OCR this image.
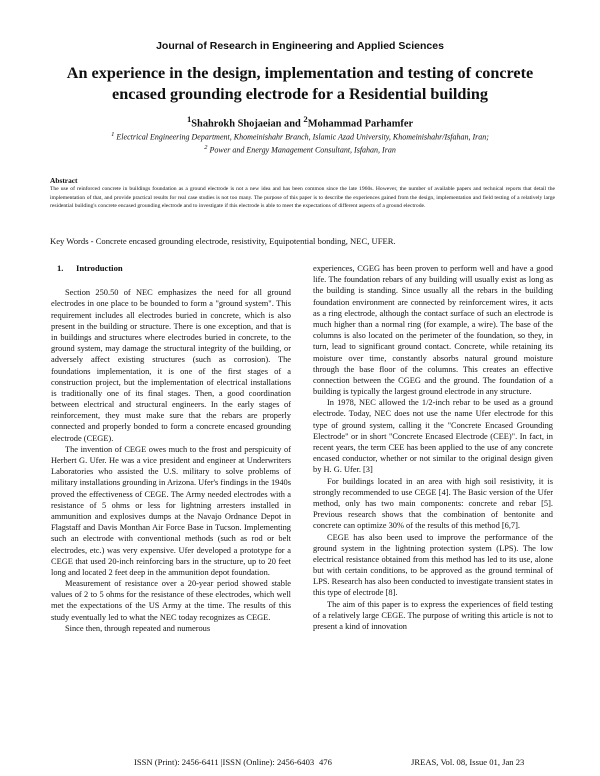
Journal of Research in Engineering and Applied Sciences
An experience in the design, implementation and testing of concrete encased grounding electrode for a Residential building
$^1$Shahrokh Shojaeian and $^2$Mohammad Parhamfer
$^1$ Electrical Engineering Department, Khomeinishahr Branch, Islamic Azad University, Khomeinishahr/Isfahan, Iran;
$^2$ Power and Energy Management Consultant, Isfahan, Iran
Abstract
The use of reinforced concrete in buildings foundation as a ground electrode is not a new idea and has been common since the late 1960s. However, the number of available papers and technical reports that detail the implementation of that, and provide practical results for real case studies is not too many. The purpose of this paper is to describe the experiences gained from the design, implementation and field testing of a relatively large residential building's concrete encased grounding electrode and to investigate if this electrode is able to meet the expectations of different aspects of a ground electrode.
Key Words - Concrete encased grounding electrode, resistivity, Equipotential bonding, NEC, UFER.
1. Introduction

Section 250.50 of NEC emphasizes the need for all ground electrodes in one place to be bounded to form a "ground system". This requirement includes all electrodes buried in concrete, which is also present in the building or structure. There is one exception, and that is in buildings and structures where electrodes buried in concrete, to the ground system, may damage the structural integrity of the building, or adversely affect existing structures (such as corrosion). The foundations implementation, it is one of the first stages of a construction project, but the implementation of electrical installations is traditionally one of its final stages. Then, a good coordination between electrical and structural engineers. In the early stages of reinforcement, they must make sure that the rebars are properly connected and properly bonded to form a concrete encased grounding electrode (CEGE).

The invention of CEGE owes much to the frost and perspicuity of Herbert G. Ufer. He was a vice president and engineer at Underwriters Laboratories who assisted the U.S. military to solve problems of military installations grounding in Arizona. Ufer's findings in the 1940s proved the effectiveness of CEGE. The Army needed electrodes with a resistance of 5 ohms or less for lightning arresters installed in ammunition and explosives dumps at the Navajo Ordnance Depot in Flagstaff and Davis Monthan Air Force Base in Tucson. Implementing such an electrode with conventional methods (such as rod or belt electrodes, etc.) was very expensive. Ufer developed a prototype for a CEGE that used 20-inch reinforcing bars in the structure, up to 20 feet long and located 2 feet deep in the ammunition depot foundation.

Measurement of resistance over a 20-year period showed stable values of 2 to 5 ohms for the resistance of these electrodes, which well met the expectations of the US Army at the time. The results of this study eventually led to what the NEC today recognizes as CEGE.

Since then, through repeated and numerous

experiences, CGEG has been proven to perform well and have a good life. The foundation rebars of any building will usually exist as long as the building is standing. Since usually all the rebars in the building foundation environment are connected by reinforcement wires, it acts as a ring electrode, although the contact surface of such an electrode is much higher than a normal ring (for example, a wire). The base of the columns is also located on the perimeter of the foundation, so they, in turn, lead to significant ground contact. Concrete, while retaining its moisture over time, constantly absorbs natural ground moisture through the base floor of the columns. This creates an effective connection between the CGEG and the ground. The foundation of a building is typically the largest ground electrode in any structure.

In 1978, NEC allowed the 1/2-inch rebar to be used as a ground electrode. Today, NEC does not use the name Ufer electrode for this type of ground system, calling it the "Concrete Encased Grounding Electrode" or in short "Concrete Encased Electrode (CEE)". In fact, in recent years, the term CEE has been applied to the use of any concrete encased conductor, whether or not similar to the original design given by H. G. Ufer. [3]

For buildings located in an area with high soil resistivity, it is strongly recommended to use CEGE [4]. The Basic version of the Ufer method, only has two main components: concrete and rebar [5]. Previous research shows that the combination of bentonite and concrete can optimize 30% of the results of this method [6,7].

CEGE has also been used to improve the performance of the ground system in the lightning protection system (LPS). The low electrical resistance obtained from this method has led to its use, alone but with certain conditions, to be approved as the ground terminal of LPS. Research has also been conducted to investigate transient states in this type of electrode [8].

The aim of this paper is to express the experiences of field testing of a relatively large CEGE. The purpose of writing this article is not to present a kind of innovation

ISSN (Print): 2456-6411 |ISSN (Online): 2456-6403 476	JREAS, Vol. 08, Issue 01, Jan 23
